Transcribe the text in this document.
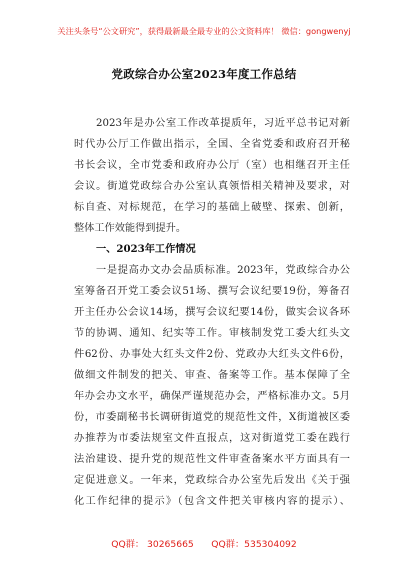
关注头条号“公文研究”，获得最新最全最专业的公文资料库！ 微信：gongwenyj
党政综合办公室2023年度工作总结
2023年是办公室工作改革提质年，习近平总书记对新
时代办公厅工作做出指示，全国、全省党委和政府召开秘
书长会议，全市党委和政府办公厅（室）也相继召开主任
会议。街道党政综合办公室认真领悟相关精神及要求，对
标自查、对标规范，在学习的基础上破壁、探索、创新，
整体工作效能得到提升。
一、2023年工作情况
一是提高办文办会品质标准。2023年，党政综合办公
室筹备召开党工委会议51场、撰写会议纪要19份，筹备召
开主任办公会议14场，撰写会议纪要14份，做实会议各环
节的协调、通知、纪实等工作。审核制发党工委大红头文
件62份、办事处大红头文件2份、党政办大红头文件6份，
做细文件制发的把关、审查、备案等工作。基本保障了全
年办会办文水平，确保严谨规范办会，严格标准办文。5月
份，市委副秘书长调研街道党的规范性文件，X街道被区委
办推荐为市委法规室文件直报点，这对街道党工委在践行
法治建设、提升党的规范性文件审查备案水平方面具有一
定促进意义。一年来，党政综合办公室先后发出《关于强
化工作纪律的提示》（包含文件把关审核内容的提示）、
QQ群： 30265665      QQ群：535304092
